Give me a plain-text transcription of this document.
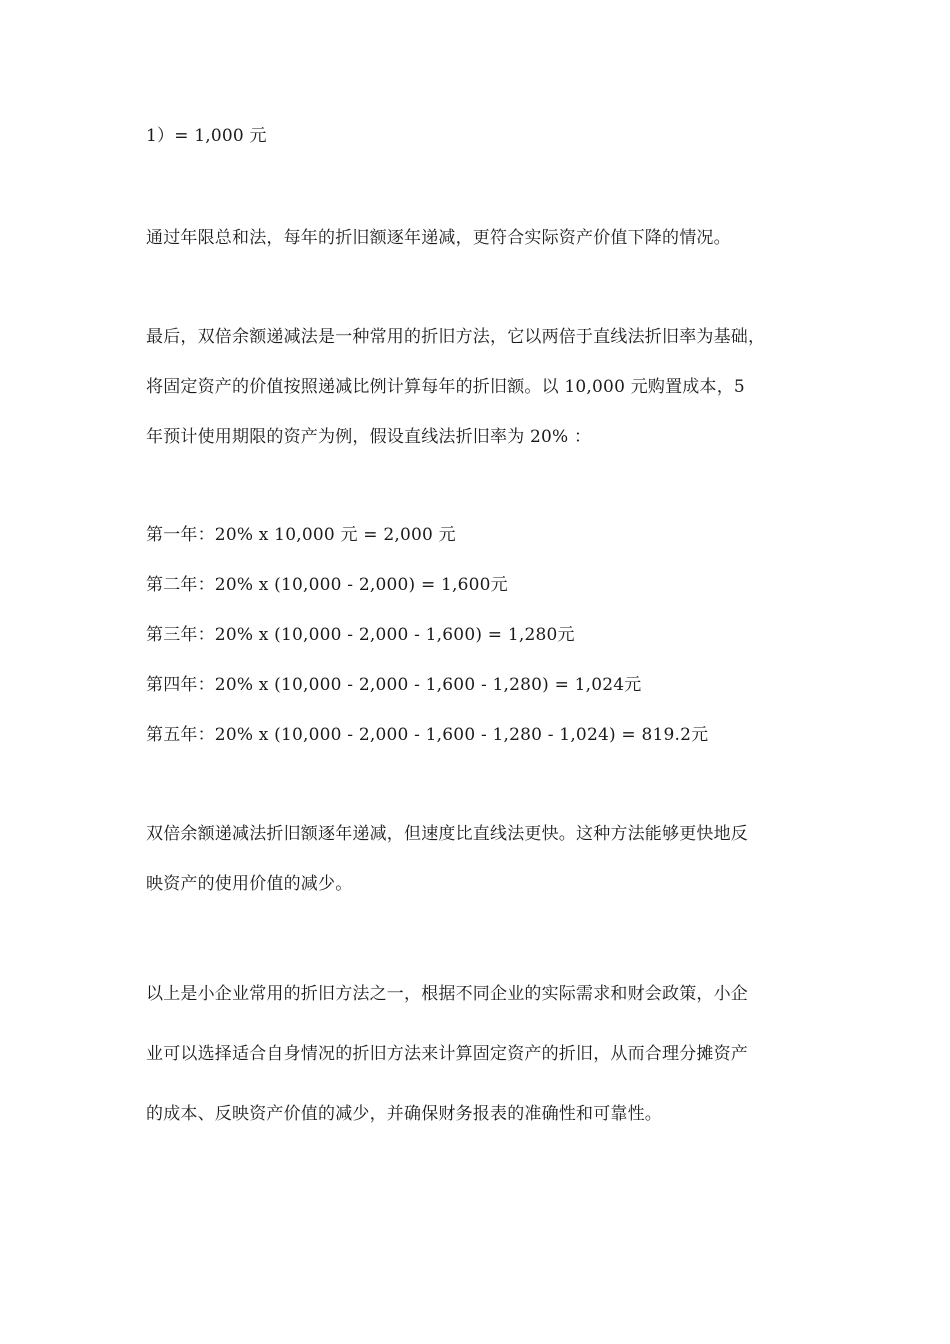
1）= 1,000 元
通过年限总和法，每年的折旧额逐年递减，更符合实际资产价值下降的情况。
最后，双倍余额递减法是一种常用的折旧方法，它以两倍于直线法折旧率为基础，
将固定资产的价值按照递减比例计算每年的折旧额。以 10,000 元购置成本，5
年预计使用期限的资产为例，假设直线法折旧率为 20% ：
第一年：20% x 10,000 元 = 2,000 元
第二年：20% x (10,000 - 2,000) = 1,600元
第三年：20% x (10,000 - 2,000 - 1,600) = 1,280元
第四年：20% x (10,000 - 2,000 - 1,600 - 1,280) = 1,024元
第五年：20% x (10,000 - 2,000 - 1,600 - 1,280 - 1,024) = 819.2元
双倍余额递减法折旧额逐年递减，但速度比直线法更快。这种方法能够更快地反
映资产的使用价值的减少。
以上是小企业常用的折旧方法之一，根据不同企业的实际需求和财会政策，小企
业可以选择适合自身情况的折旧方法来计算固定资产的折旧，从而合理分摊资产
的成本、反映资产价值的减少，并确保财务报表的准确性和可靠性。
